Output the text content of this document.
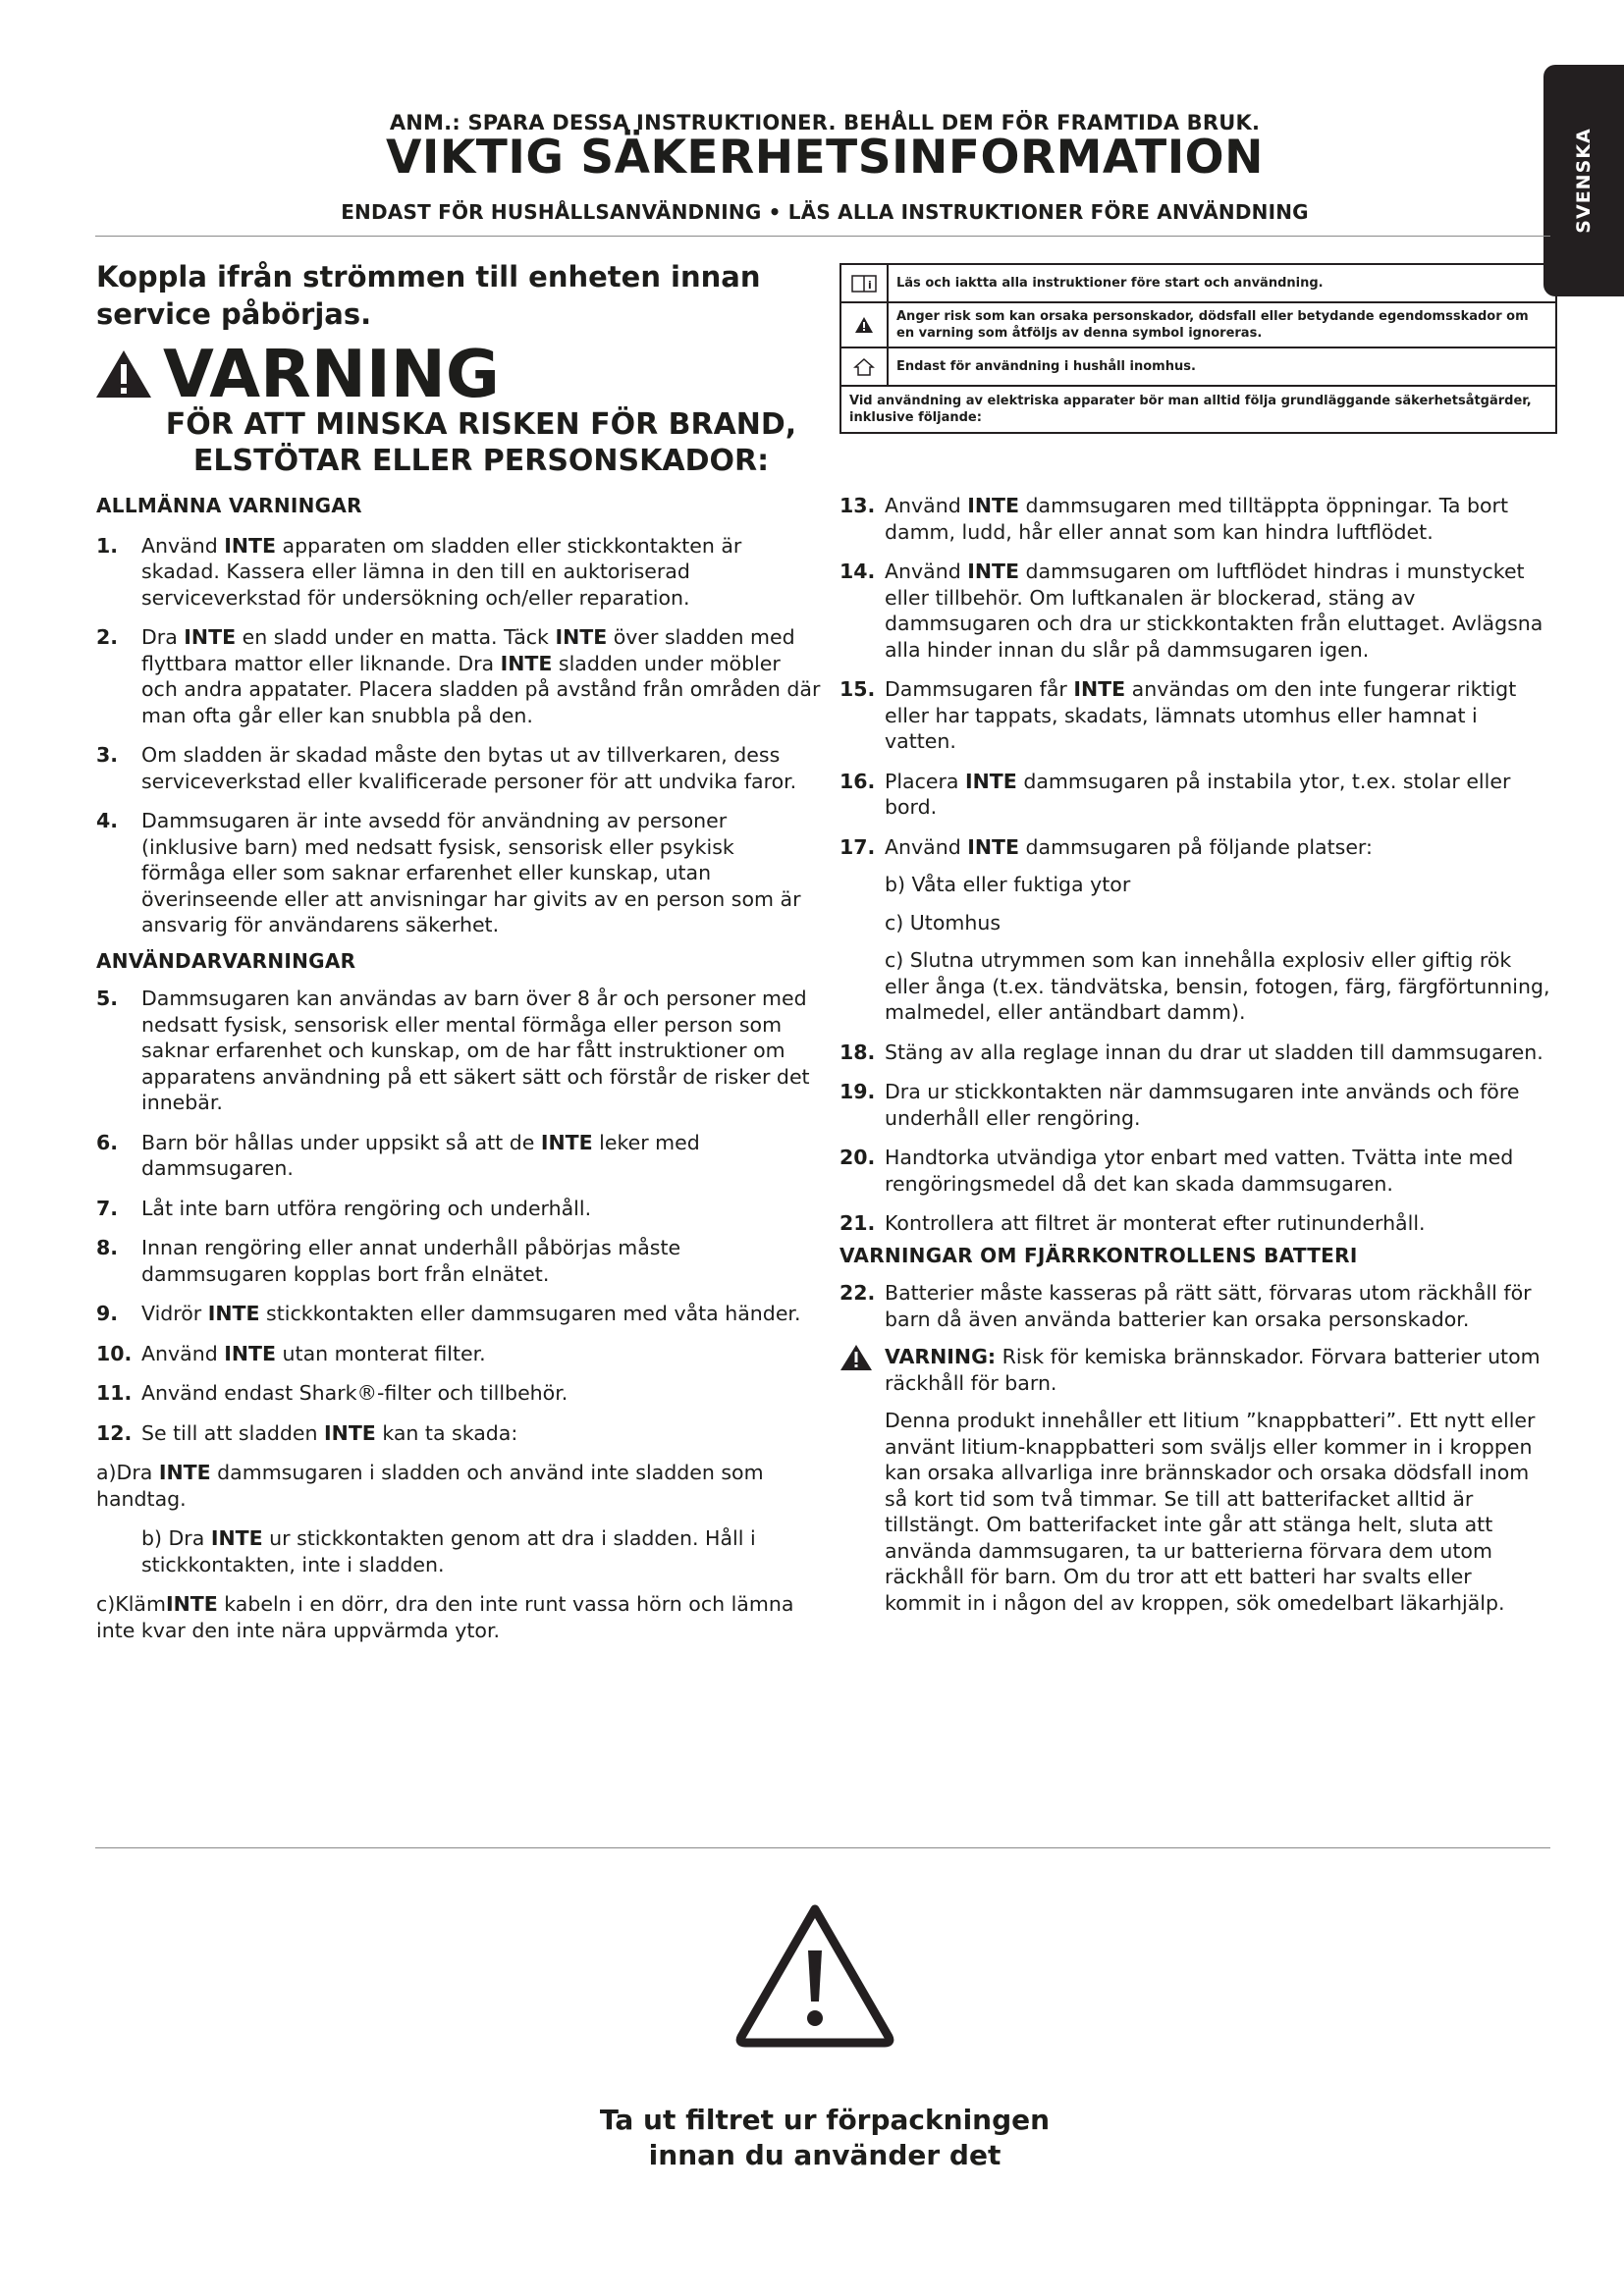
SVENSKA
ANM.: SPARA DESSA INSTRUKTIONER. BEHÅLL DEM FÖR FRAMTIDA BRUK.
VIKTIG SÄKERHETSINFORMATION
ENDAST FÖR HUSHÅLLSANVÄNDNING • LÄS ALLA INSTRUKTIONER FÖRE ANVÄNDNING
Koppla ifrån strömmen till enheten innan service påbörjas.
VARNING
FÖR ATT MINSKA RISKEN FÖR BRAND, ELSTÖTAR ELLER PERSONSKADOR:
i	Läs och iaktta alla instruktioner före start och användning.
Anger risk som kan orsaka personskador, dödsfall eller betydande egendomsskador om en varning som åtföljs av denna symbol ignoreras.
Endast för användning i hushåll inomhus.
Vid användning av elektriska apparater bör man alltid följa grundläggande säkerhetsåtgärder, inklusive följande:

ALLMÄNNA VARNINGAR

1. Använd INTE apparaten om sladden eller stickkontakten är skadad. Kassera eller lämna in den till en auktoriserad serviceverkstad för undersökning och/eller reparation.

2. Dra INTE en sladd under en matta. Täck INTE över sladden med flyttbara mattor eller liknande. Dra INTE sladden under möbler och andra appatater. Placera sladden på avstånd från områden där man ofta går eller kan snubbla på den.

3. Om sladden är skadad måste den bytas ut av tillverkaren, dess serviceverkstad eller kvalificerade personer för att undvika faror.

4. Dammsugaren är inte avsedd för användning av personer (inklusive barn) med nedsatt fysisk, sensorisk eller psykisk förmåga eller som saknar erfarenhet eller kunskap, utan överinseende eller att anvisningar har givits av en person som är ansvarig för användarens säkerhet.

ANVÄNDARVARNINGAR

5. Dammsugaren kan användas av barn över 8 år och personer med nedsatt fysisk, sensorisk eller mental förmåga eller person som saknar erfarenhet och kunskap, om de har fått instruktioner om apparatens användning på ett säkert sätt och förstår de risker det innebär.

6. Barn bör hållas under uppsikt så att de INTE leker med dammsugaren.

7. Låt inte barn utföra rengöring och underhåll.

8. Innan rengöring eller annat underhåll påbörjas måste dammsugaren kopplas bort från elnätet.

9. Vidrör INTE stickkontakten eller dammsugaren med våta händer.

10. Använd INTE utan monterat filter.

11. Använd endast Shark®-filter och tillbehör.

12. Se till att sladden INTE kan ta skada:

a)Dra INTE dammsugaren i sladden och använd inte sladden som handtag.

b) Dra INTE ur stickkontakten genom att dra i sladden. Håll i stickkontakten, inte i sladden.

c)KlämINTE kabeln i en dörr, dra den inte runt vassa hörn och lämna inte kvar den inte nära uppvärmda ytor.

13. Använd INTE dammsugaren med tilltäppta öppningar. Ta bort damm, ludd, hår eller annat som kan hindra luftflödet.

14. Använd INTE dammsugaren om luftflödet hindras i munstycket eller tillbehör. Om luftkanalen är blockerad, stäng av dammsugaren och dra ur stickkontakten från eluttaget. Avlägsna alla hinder innan du slår på dammsugaren igen.

15. Dammsugaren får INTE användas om den inte fungerar riktigt eller har tappats, skadats, lämnats utomhus eller hamnat i vatten.

16. Placera INTE dammsugaren på instabila ytor, t.ex. stolar eller bord.

17. Använd INTE dammsugaren på följande platser:

b) Våta eller fuktiga ytor

c) Utomhus

c) Slutna utrymmen som kan innehålla explosiv eller giftig rök eller ånga (t.ex. tändvätska, bensin, fotogen, färg, färgförtunning, malmedel, eller antändbart damm).

18. Stäng av alla reglage innan du drar ut sladden till dammsugaren.

19. Dra ur stickkontakten när dammsugaren inte används och före underhåll eller rengöring.

20. Handtorka utvändiga ytor enbart med vatten. Tvätta inte med rengöringsmedel då det kan skada dammsugaren.

21. Kontrollera att filtret är monterat efter rutinunderhåll.

VARNINGAR OM FJÄRRKONTROLLENS BATTERI

22. Batterier måste kasseras på rätt sätt, förvaras utom räckhåll för barn då även använda batterier kan orsaka personskador.

VARNING: Risk för kemiska brännskador. Förvara batterier utom räckhåll för barn.

Denna produkt innehåller ett litium ”knappbatteri”. Ett nytt eller använt litium-knappbatteri som sväljs eller kommer in i kroppen kan orsaka allvarliga inre brännskador och orsaka dödsfall inom så kort tid som två timmar. Se till att batterifacket alltid är tillstängt. Om batterifacket inte går att stänga helt, sluta att använda dammsugaren, ta ur batterierna förvara dem utom räckhåll för barn. Om du tror att ett batteri har svalts eller kommit in i någon del av kroppen, sök omedelbart läkarhjälp.

Ta ut filtret ur förpackningen
innan du använder det
